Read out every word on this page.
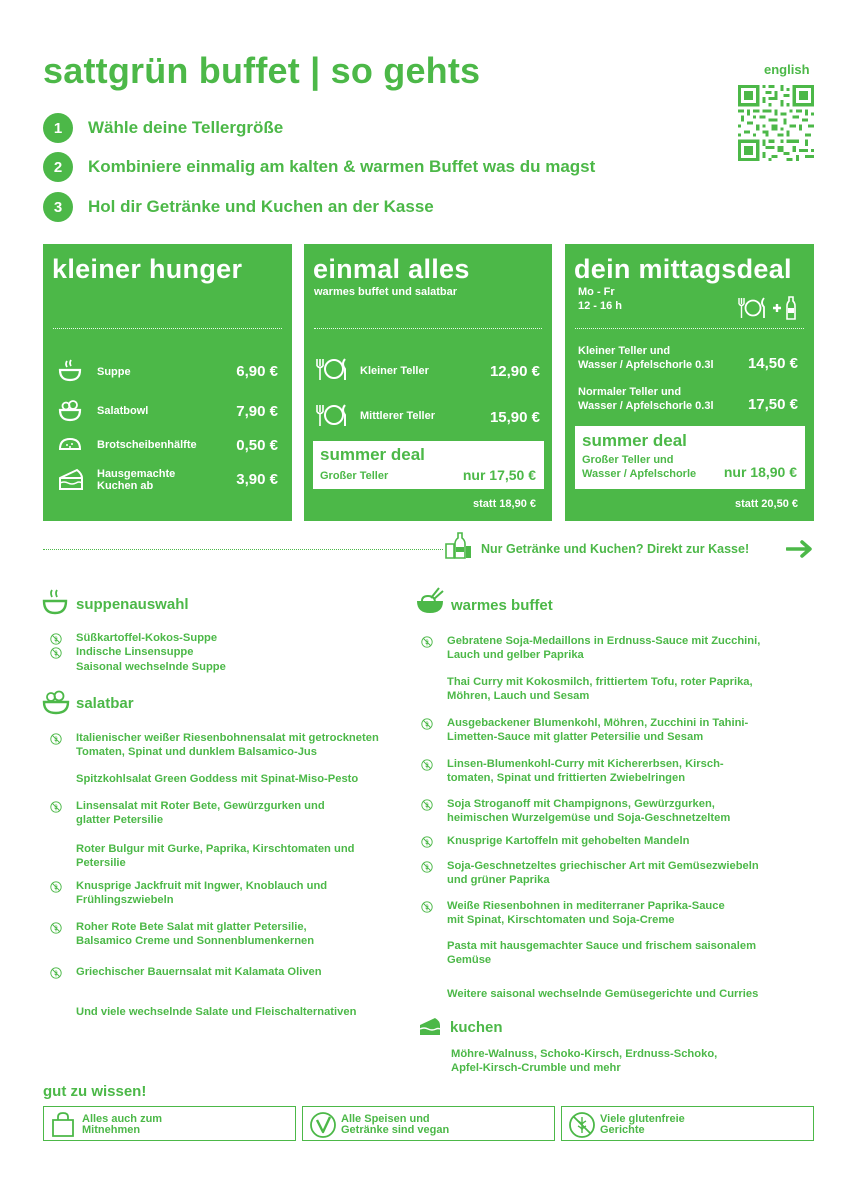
sattgrün buffet | so gehts	english
1	Wähle deine Tellergröße
2	Kombiniere einmalig am kalten & warmen Buffet was du magst
3	Hol dir Getränke und Kuchen an der Kasse
kleiner hunger
Suppe	6,90 €
Salatbowl	7,90 €
Brotscheibenhälfte	0,50 €
Hausgemachte Kuchen ab	3,90 €
einmal alles
warmes buffet und salatbar
Kleiner Teller	12,90 €
Mittlerer Teller	15,90 €
summer deal
Großer Teller	nur 17,50 €
statt 18,90 €
dein mittagsdeal
Mo - Fr
12 - 16 h
Kleiner Teller und
Wasser / Apfelschorle 0.3l 14,50 €
Normaler Teller und
Wasser / Apfelschorle 0.3l 17,50 €
summer deal
Großer Teller und
Wasser / Apfelschorle nur 18,90 €
statt 20,50 €
Nur Getränke und Kuchen? Direkt zur Kasse!
suppenauswahl
Süßkartoffel-Kokos-Suppe
Indische Linsensuppe
Saisonal wechselnde Suppe
salatbar
Italienischer weißer Riesenbohnensalat mit getrockneten
Tomaten, Spinat und dunklem Balsamico-Jus
Spitzkohlsalat Green Goddess mit Spinat-Miso-Pesto
Linsensalat mit Roter Bete, Gewürzgurken und
glatter Petersilie
Roter Bulgur mit Gurke, Paprika, Kirschtomaten und
Petersilie
Knusprige Jackfruit mit Ingwer, Knoblauch und
Frühlingszwiebeln
Roher Rote Bete Salat mit glatter Petersilie,
Balsamico Creme und Sonnenblumenkernen
Griechischer Bauernsalat mit Kalamata Oliven
Und viele wechselnde Salate und Fleischalternativen
warmes buffet
Gebratene Soja-Medaillons in Erdnuss-Sauce mit Zucchini,
Lauch und gelber Paprika
Thai Curry mit Kokosmilch, frittiertem Tofu, roter Paprika,
Möhren, Lauch und Sesam
Ausgebackener Blumenkohl, Möhren, Zucchini in Tahini-
Limetten-Sauce mit glatter Petersilie und Sesam
Linsen-Blumenkohl-Curry mit Kichererbsen, Kirsch-
tomaten, Spinat und frittierten Zwiebelringen
Soja Stroganoff mit Champignons, Gewürzgurken,
heimischen Wurzelgemüse und Soja-Geschnetzeltem
Knusprige Kartoffeln mit gehobelten Mandeln
Soja-Geschnetzeltes griechischer Art mit Gemüsezwiebeln
und grüner Paprika
Weiße Riesenbohnen in mediterraner Paprika-Sauce
mit Spinat, Kirschtomaten und Soja-Creme
Pasta mit hausgemachter Sauce und frischem saisonalem
Gemüse
Weitere saisonal wechselnde Gemüsegerichte und Curries
kuchen
Möhre-Walnuss, Schoko-Kirsch, Erdnuss-Schoko,
Apfel-Kirsch-Crumble und mehr
gut zu wissen!
Alles auch zum
Mitnehmen
Alle Speisen und
Getränke sind vegan
Viele glutenfreie
Gerichte
